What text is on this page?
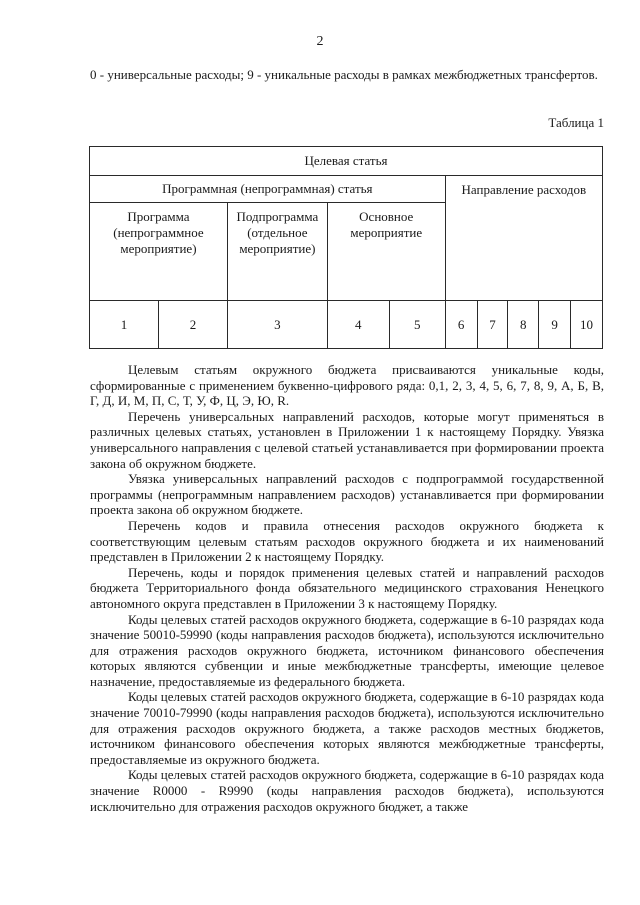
2
0 - универсальные расходы; 9 - уникальные расходы в рамках межбюджетных трансфертов.
Таблица 1
Целевая статья									
Программная (непрограммная) статья					Направление расходов				
Программа (непрограммное мероприятие)		Подпрограмма (отдельное мероприятие)	Основное мероприятие						
1	2	3	4	5	6	7	8	9	10

Целевым статьям окружного бюджета присваиваются уникальные коды, сформированные с применением буквенно-цифрового ряда: 0,1, 2, 3, 4, 5, 6, 7, 8, 9, А, Б, В, Г, Д, И, М, П, С, Т, У, Ф, Ц, Э, Ю, R.

Перечень универсальных направлений расходов, которые могут применяться в различных целевых статьях, установлен в Приложении 1 к настоящему Порядку. Увязка универсального направления с целевой статьей устанавливается при формировании проекта закона об окружном бюджете.

Увязка универсальных направлений расходов с подпрограммой государственной программы (непрограммным направлением расходов) устанавливается при формировании проекта закона об окружном бюджете.

Перечень кодов и правила отнесения расходов окружного бюджета к соответствующим целевым статьям расходов окружного бюджета и их наименований представлен в Приложении 2 к настоящему Порядку.

Перечень, коды и порядок применения целевых статей и направлений расходов бюджета Территориального фонда обязательного медицинского страхования Ненецкого автономного округа представлен в Приложении 3 к настоящему Порядку.

Коды целевых статей расходов окружного бюджета, содержащие в 6-10 разрядах кода значение 50010-59990 (коды направления расходов бюджета), используются исключительно для отражения расходов окружного бюджета, источником финансового обеспечения которых являются субвенции и иные межбюджетные трансферты, имеющие целевое назначение, предоставляемые из федерального бюджета.

Коды целевых статей расходов окружного бюджета, содержащие в 6-10 разрядах кода значение 70010-79990 (коды направления расходов бюджета), используются исключительно для отражения расходов окружного бюджета, а также расходов местных бюджетов, источником финансового обеспечения которых являются межбюджетные трансферты, предоставляемые из окружного бюджета.

Коды целевых статей расходов окружного бюджета, содержащие в 6-10 разрядах кода значение R0000 - R9990 (коды направления расходов бюджета), используются исключительно для отражения расходов окружного бюджет, а также
